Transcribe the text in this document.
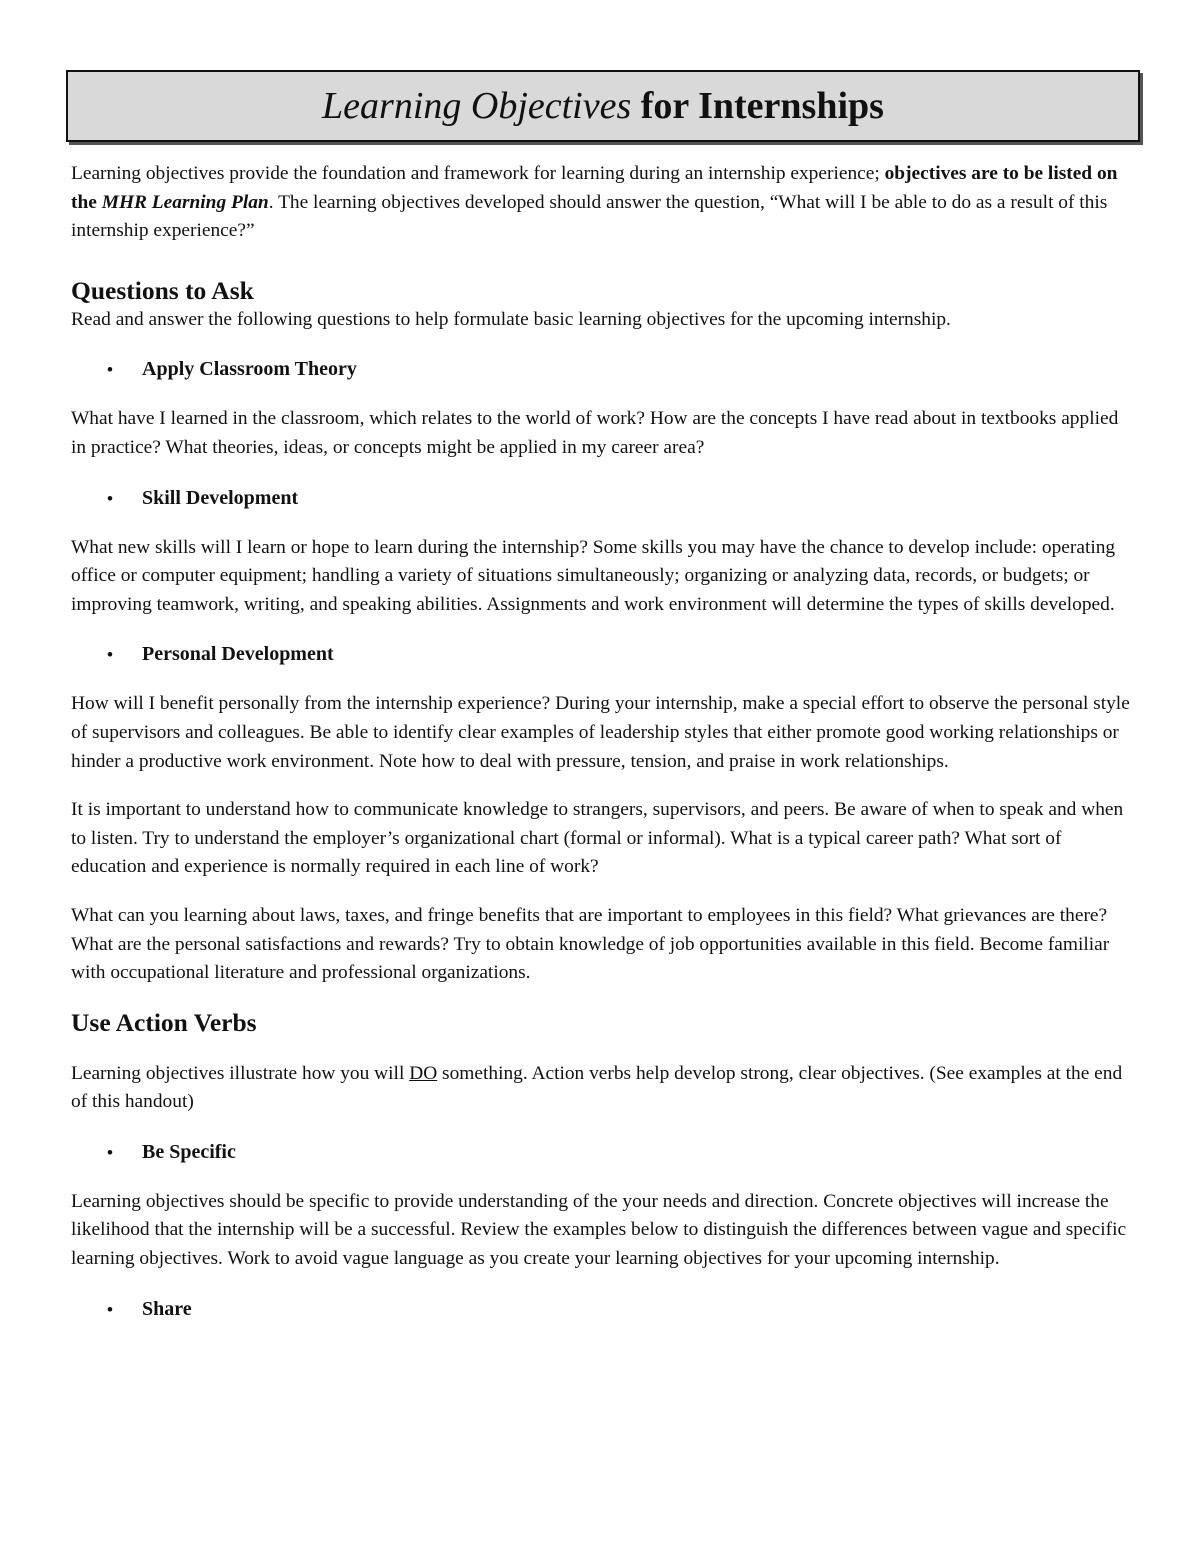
Learning Objectives for Internships

Learning objectives provide the foundation and framework for learning during an internship experience; objectives are to be listed on the MHR Learning Plan. The learning objectives developed should answer the question, “What will I be able to do as a result of this internship experience?”

Questions to Ask

Read and answer the following questions to help formulate basic learning objectives for the upcoming internship.

•	Apply Classroom Theory

What have I learned in the classroom, which relates to the world of work? How are the concepts I have read about in textbooks applied in practice? What theories, ideas, or concepts might be applied in my career area?

•	Skill Development

What new skills will I learn or hope to learn during the internship? Some skills you may have the chance to develop include: operating office or computer equipment; handling a variety of situations simultaneously; organizing or analyzing data, records, or budgets; or improving teamwork, writing, and speaking abilities. Assignments and work environment will determine the types of skills developed.

•	Personal Development

How will I benefit personally from the internship experience? During your internship, make a special effort to observe the personal style of supervisors and colleagues. Be able to identify clear examples of leadership styles that either promote good working relationships or hinder a productive work environment. Note how to deal with pressure, tension, and praise in work relationships.

It is important to understand how to communicate knowledge to strangers, supervisors, and peers. Be aware of when to speak and when to listen. Try to understand the employer’s organizational chart (formal or informal). What is a typical career path? What sort of education and experience is normally required in each line of work?

What can you learning about laws, taxes, and fringe benefits that are important to employees in this field? What grievances are there? What are the personal satisfactions and rewards? Try to obtain knowledge of job opportunities available in this field. Become familiar with occupational literature and professional organizations.

Use Action Verbs

Learning objectives illustrate how you will DO something. Action verbs help develop strong, clear objectives. (See examples at the end of this handout)

•	Be Specific

Learning objectives should be specific to provide understanding of the your needs and direction. Concrete objectives will increase the likelihood that the internship will be a successful. Review the examples below to distinguish the differences between vague and specific learning objectives. Work to avoid vague language as you create your learning objectives for your upcoming internship.

•	Share
